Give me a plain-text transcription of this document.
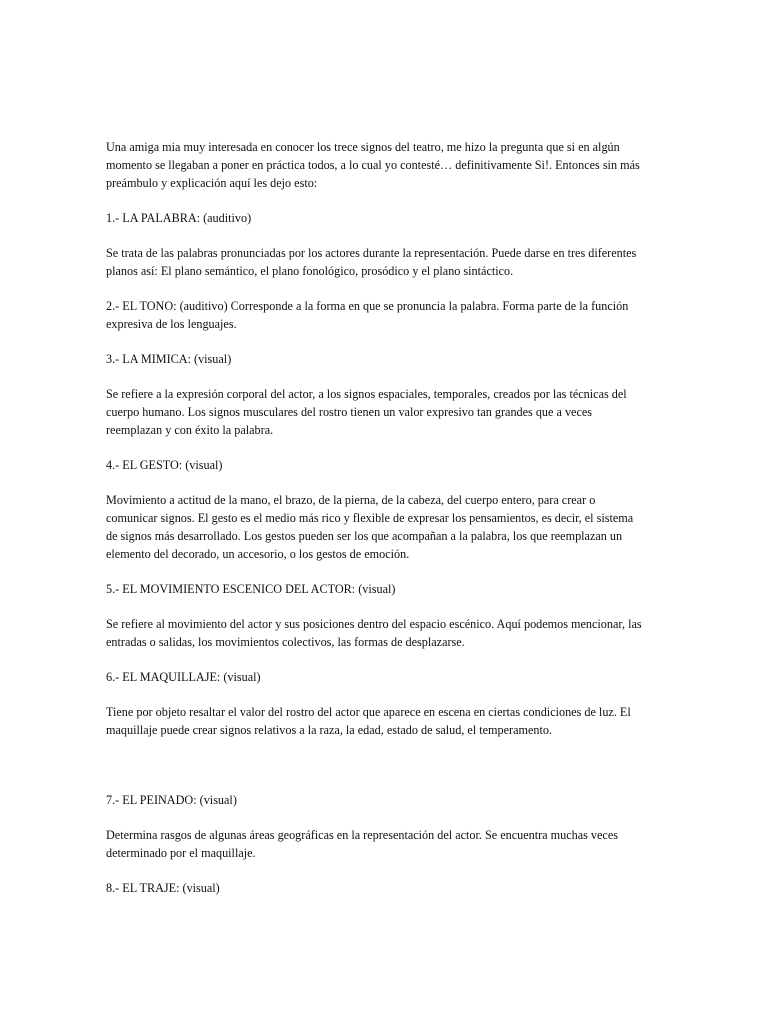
Una amiga mia muy interesada en conocer los trece signos del teatro, me hizo la pregunta que si en algún
momento se llegaban a poner en práctica todos, a lo cual yo contesté… definitivamente Si!. Entonces sin más
preámbulo y explicación aquí les dejo esto:

1.- LA PALABRA: (auditivo)

Se trata de las palabras pronunciadas por los actores durante la representación. Puede darse en tres diferentes
planos así: El plano semántico, el plano fonológico, prosódico y el plano sintáctico.

2.- EL TONO: (auditivo) Corresponde a la forma en que se pronuncia la palabra. Forma parte de la función
expresiva de los lenguajes.

3.- LA MIMICA: (visual)

Se refiere a la expresión corporal del actor, a los signos espaciales, temporales, creados por las técnicas del
cuerpo humano. Los signos musculares del rostro tienen un valor expresivo tan grandes que a veces
reemplazan y con éxito la palabra.

4.- EL GESTO: (visual)

Movimiento a actitud de la mano, el brazo, de la pierna, de la cabeza, del cuerpo entero, para crear o
comunicar signos. El gesto es el medio más rico y flexible de expresar los pensamientos, es decir, el sistema
de signos más desarrollado. Los gestos pueden ser los que acompañan a la palabra, los que reemplazan un
elemento del decorado, un accesorio, o los gestos de emoción.

5.- EL MOVIMIENTO ESCENICO DEL ACTOR: (visual)

Se refiere al movimiento del actor y sus posiciones dentro del espacio escénico. Aquí podemos mencionar, las
entradas o salidas, los movimientos colectivos, las formas de desplazarse.

6.- EL MAQUILLAJE: (visual)

Tiene por objeto resaltar el valor del rostro del actor que aparece en escena en ciertas condiciones de luz. El
maquillaje puede crear signos relativos a la raza, la edad, estado de salud, el temperamento.

7.- EL PEINADO: (visual)

Determina rasgos de algunas áreas geográficas en la representación del actor. Se encuentra muchas veces
determinado por el maquillaje.

8.- EL TRAJE: (visual)
